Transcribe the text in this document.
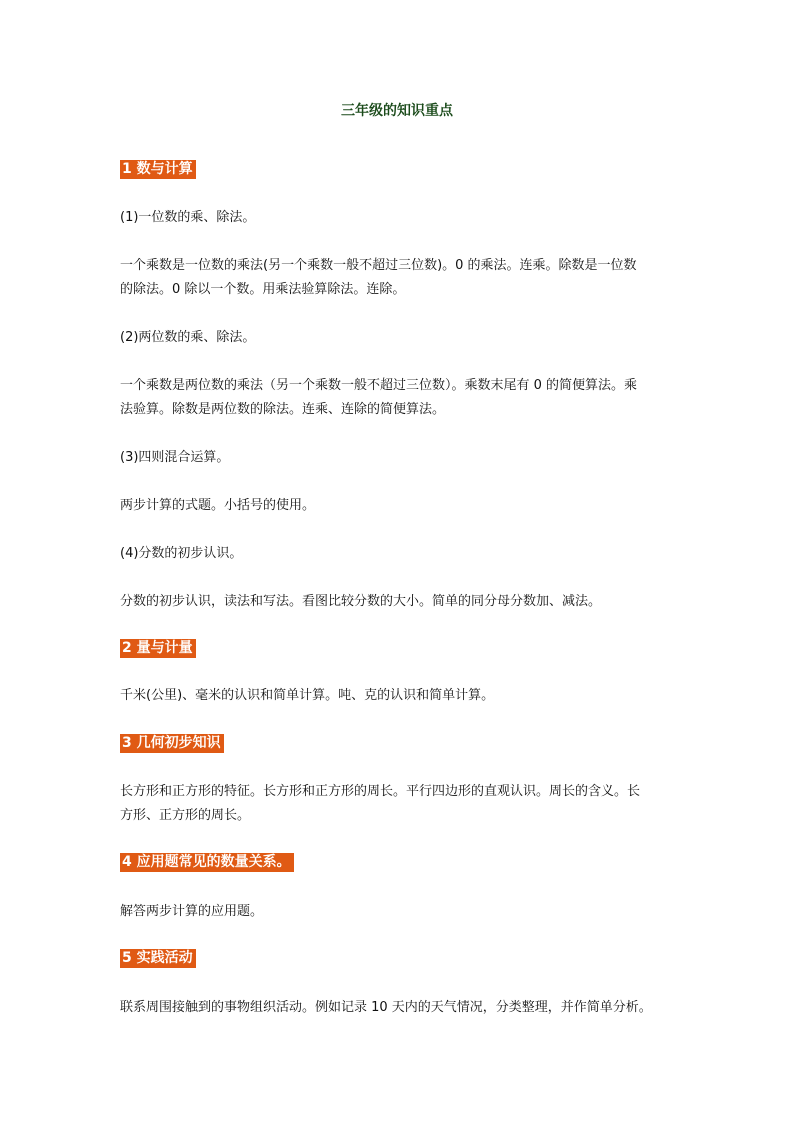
三年级的知识重点
1 数与计算
(1)一位数的乘、除法。
一个乘数是一位数的乘法(另一个乘数一般不超过三位数)。0 的乘法。连乘。除数是一位数
的除法。0 除以一个数。用乘法验算除法。连除。
(2)两位数的乘、除法。
一个乘数是两位数的乘法（另一个乘数一般不超过三位数）。乘数末尾有 0 的简便算法。乘
法验算。除数是两位数的除法。连乘、连除的简便算法。
(3)四则混合运算。
两步计算的式题。小括号的使用。
(4)分数的初步认识。
分数的初步认识，读法和写法。看图比较分数的大小。简单的同分母分数加、减法。
2 量与计量
千米(公里)、毫米的认识和简单计算。吨、克的认识和简单计算。
3 几何初步知识
长方形和正方形的特征。长方形和正方形的周长。平行四边形的直观认识。周长的含义。长
方形、正方形的周长。
4 应用题常见的数量关系。
解答两步计算的应用题。
5 实践活动
联系周围接触到的事物组织活动。例如记录 10 天内的天气情况，分类整理，并作简单分析。
